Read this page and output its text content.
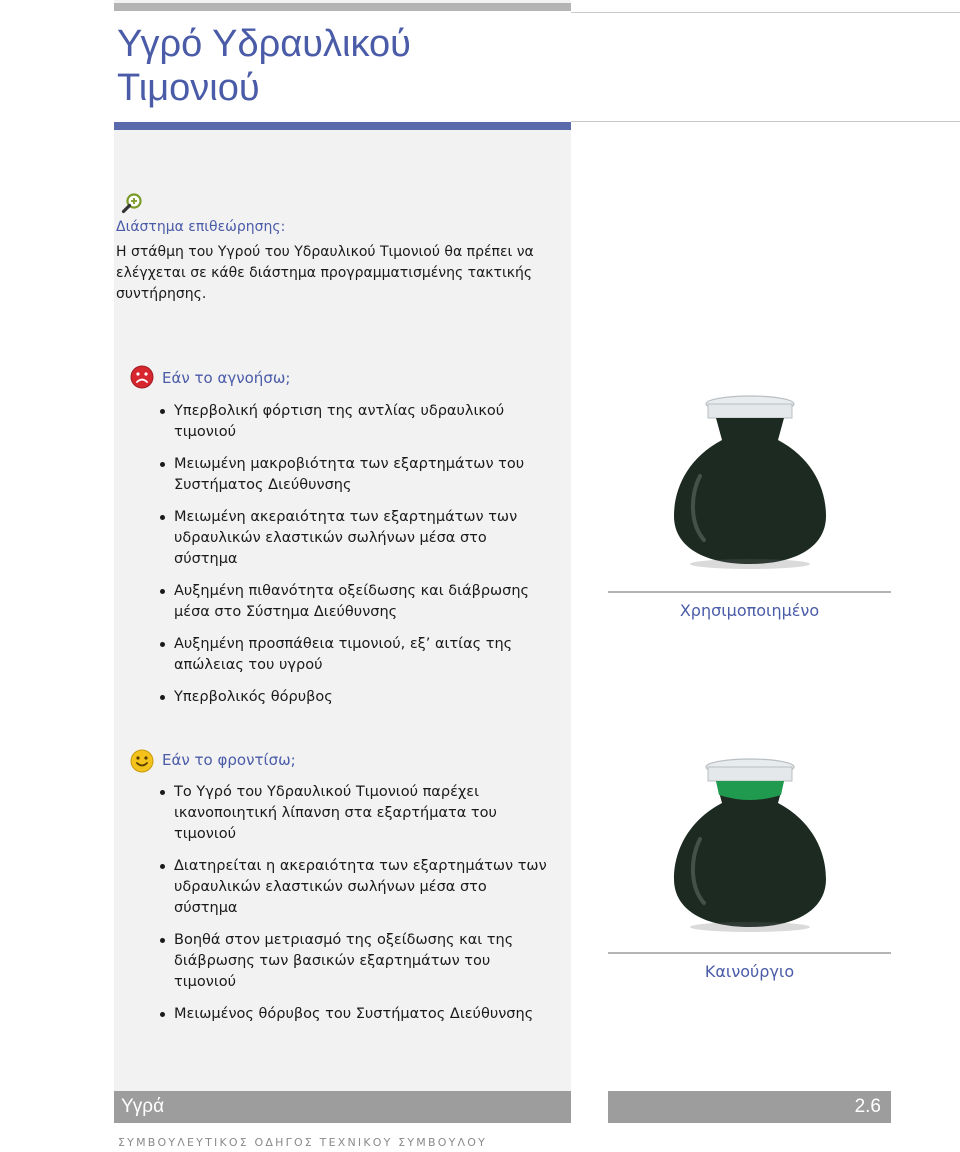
Υγρό Υδραυλικού Τιμονιού
Διάστημα επιθεώρησης:

Η στάθμη του Υγρού του Υδραυλικού Τιμονιού θα πρέπει να ελέγχεται σε κάθε διάστημα προγραμματισμένης τακτικής συντήρησης.

Εάν το αγνοήσω;
Υπερβολική φόρτιση της αντλίας υδραυλικού τιμονιού
Μειωμένη μακροβιότητα των εξαρτημάτων του Συστήματος Διεύθυνσης
Μειωμένη ακεραιότητα των εξαρτημάτων των υδραυλικών ελαστικών σωλήνων μέσα στο σύστημα
Αυξημένη πιθανότητα οξείδωσης και διάβρωσης μέσα στο Σύστημα Διεύθυνσης
Αυξημένη προσπάθεια τιμονιού, εξ’ αιτίας της απώλειας του υγρού
Υπερβολικός θόρυβος
Εάν το φροντίσω;
Το Υγρό του Υδραυλικού Τιμονιού παρέχει ικανοποιητική λίπανση στα εξαρτήματα του τιμονιού
Διατηρείται η ακεραιότητα των εξαρτημάτων των υδραυλικών ελαστικών σωλήνων μέσα στο σύστημα
Βοηθά στον μετριασμό της οξείδωσης και της διάβρωσης των βασικών εξαρτημάτων του τιμονιού
Μειωμένος θόρυβος του Συστήματος Διεύθυνσης
Χρησιμοποιημένο
Καινούργιο
Υγρά	2.6
ΣΥΜΒΟΥΛΕΥΤΙΚΟΣ ΟΔΗΓΟΣ ΤΕΧΝΙΚΟΥ ΣΥΜΒΟΥΛΟΥ
